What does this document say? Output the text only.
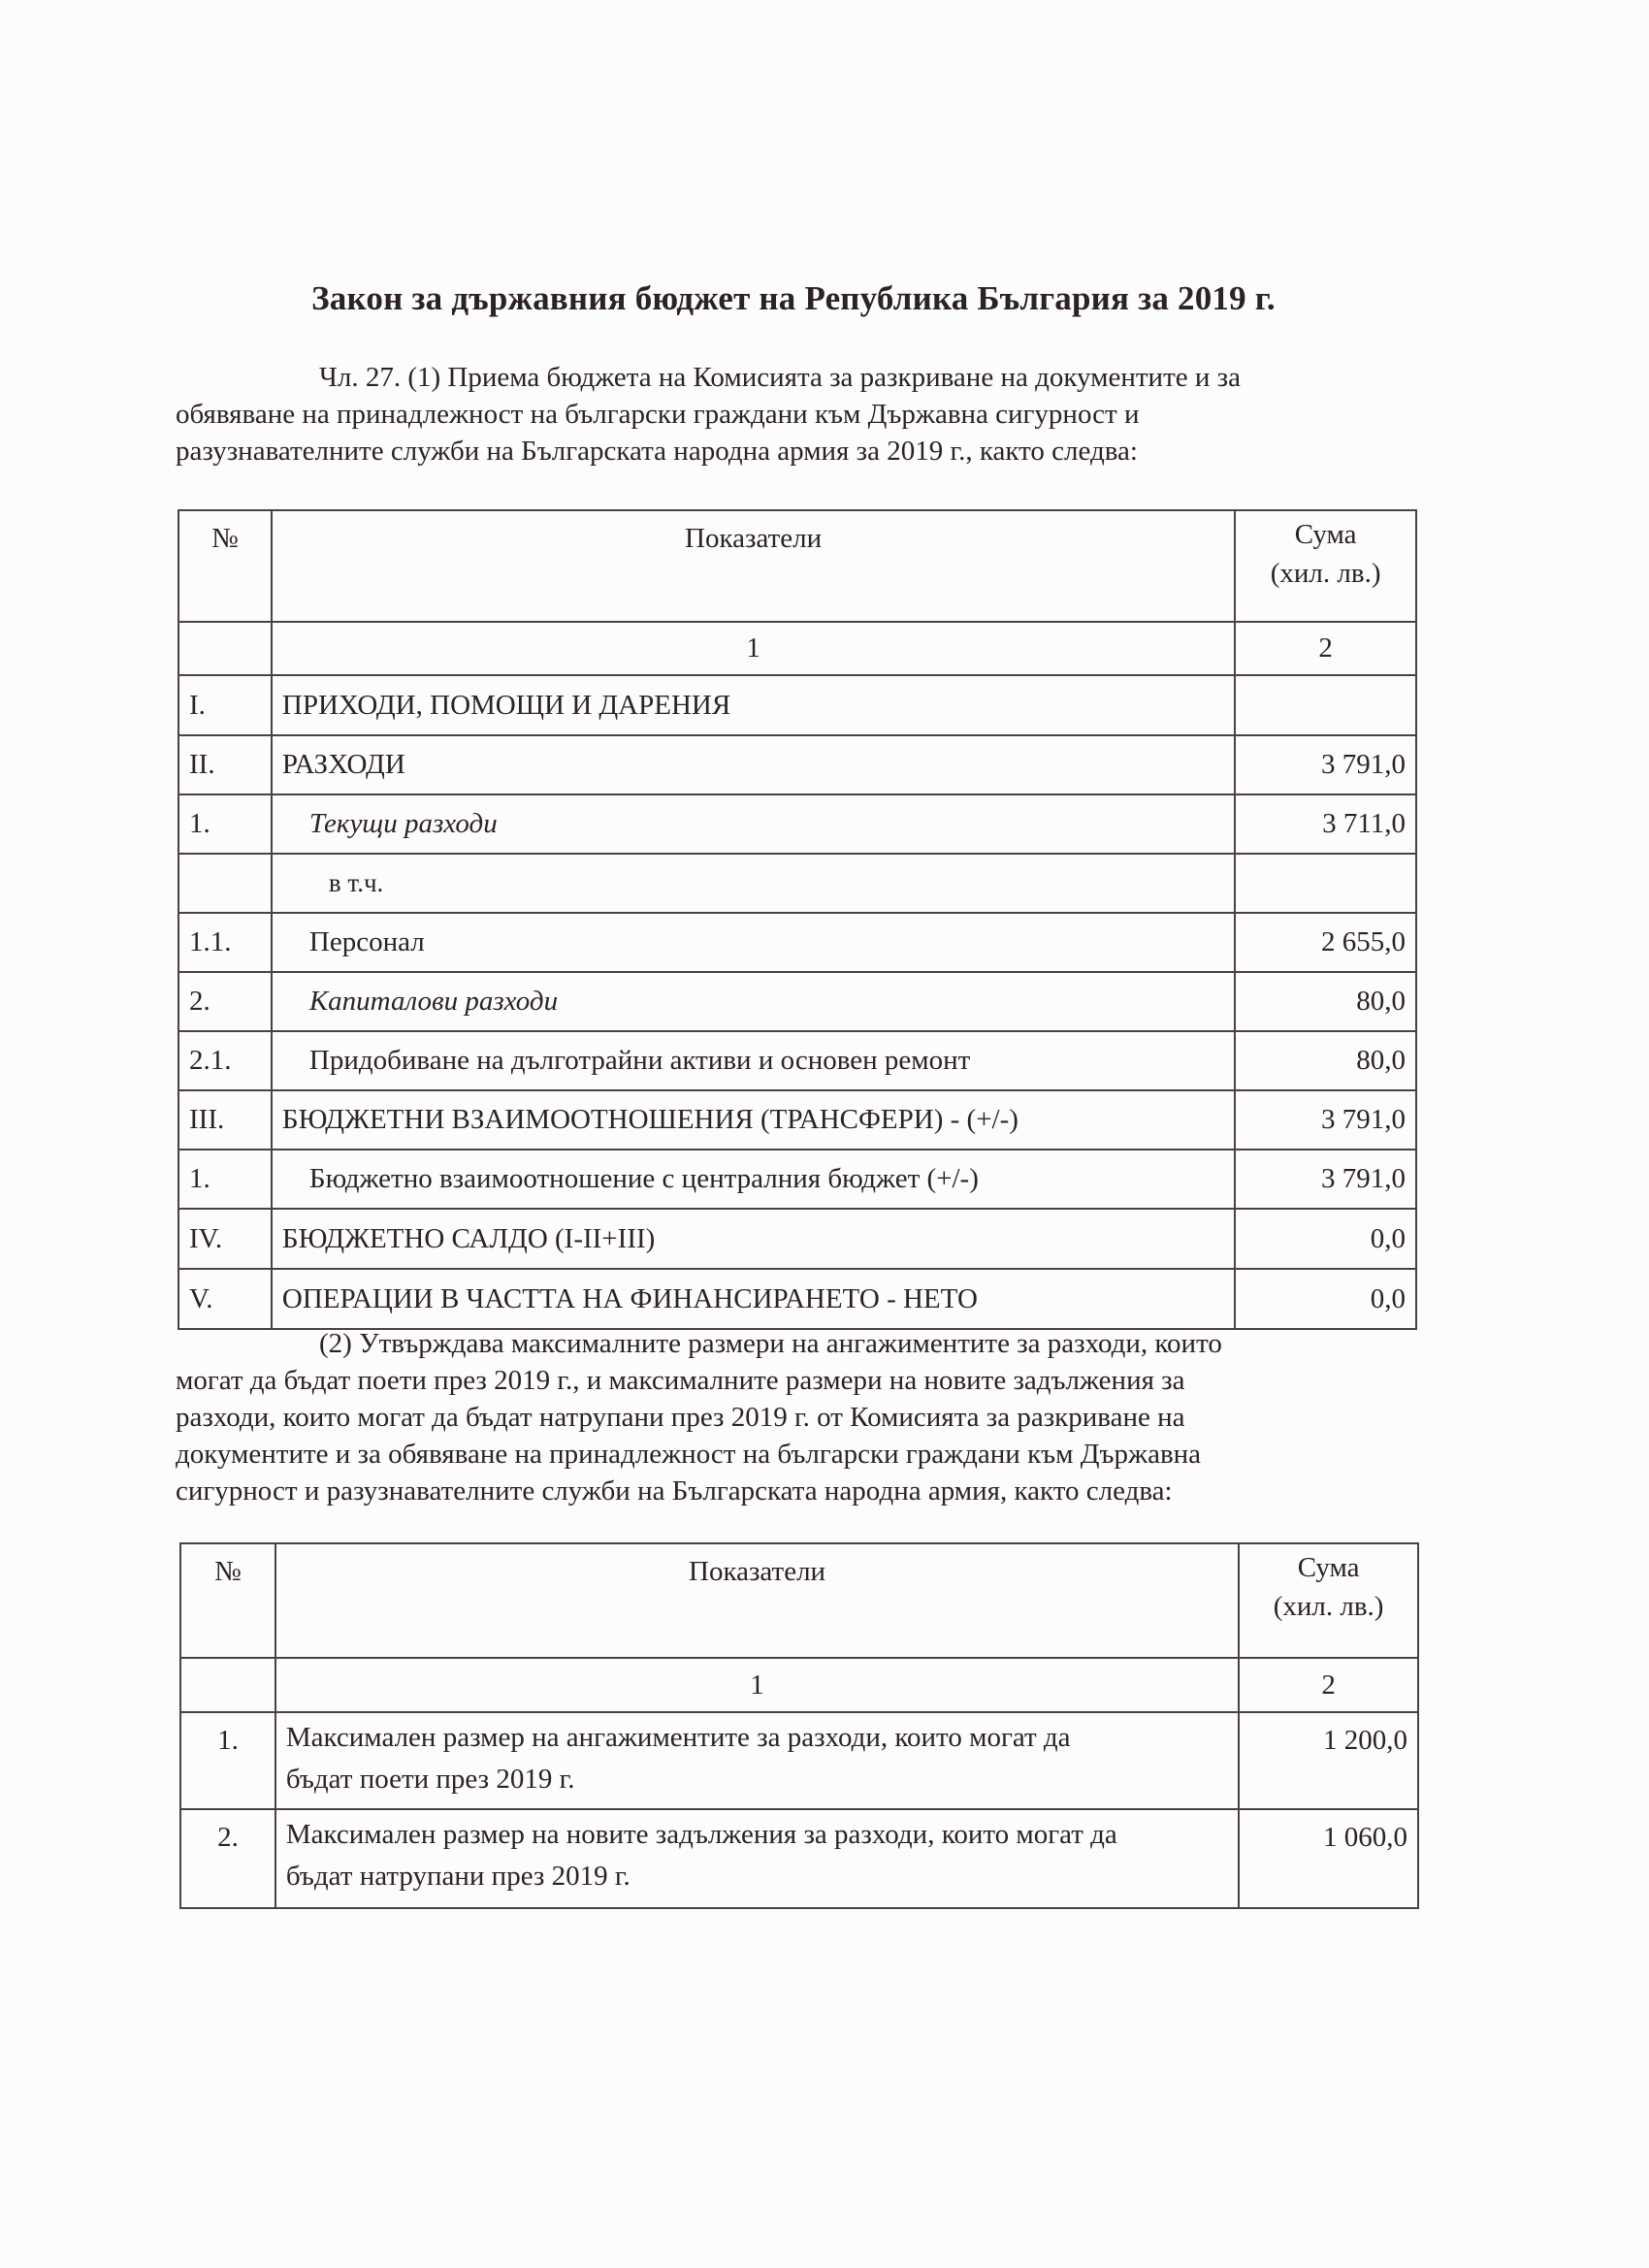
Закон за държавния бюджет на Република България за 2019 г.
Чл. 27. (1) Приема бюджета на Комисията за разкриване на документите и за
обявяване на принадлежност на български граждани към Държавна сигурност и
разузнавателните служби на Българската народна армия за 2019 г., както следва:
№	Показатели	Сума
(хил. лв.)

	1	2
I.	ПРИХОДИ, ПОМОЩИ И ДАРЕНИЯ	
II.	РАЗХОДИ	3 791,0
1.	Текущи разходи	3 711,0
	в т.ч.	
1.1.	Персонал	2 655,0
2.	Капиталови разходи	80,0
2.1.	Придобиване на дълготрайни активи и основен ремонт	80,0
III.	БЮДЖЕТНИ ВЗАИМООТНОШЕНИЯ (ТРАНСФЕРИ) - (+/-)	3 791,0
1.	Бюджетно взаимоотношение с централния бюджет (+/-)	3 791,0
IV.	БЮДЖЕТНО САЛДО (I-II+III)	0,0
V.	ОПЕРАЦИИ В ЧАСТТА НА ФИНАНСИРАНЕТО - НЕТО	0,0
(2) Утвърждава максималните размери на ангажиментите за разходи, които
могат да бъдат поети през 2019 г., и максималните размери на новите задължения за
разходи, които могат да бъдат натрупани през 2019 г. от Комисията за разкриване на
документите и за обявяване на принадлежност на български граждани към Държавна
сигурност и разузнавателните служби на Българската народна армия, както следва:
№	Показатели	Сума
(хил. лв.)

	1	2
1.	Максимален размер на ангажиментите за разходи, които могат да
бъдат поети през 2019 г.	1 200,0
2.	Максимален размер на новите задължения за разходи, които могат да
бъдат натрупани през 2019 г.	1 060,0
